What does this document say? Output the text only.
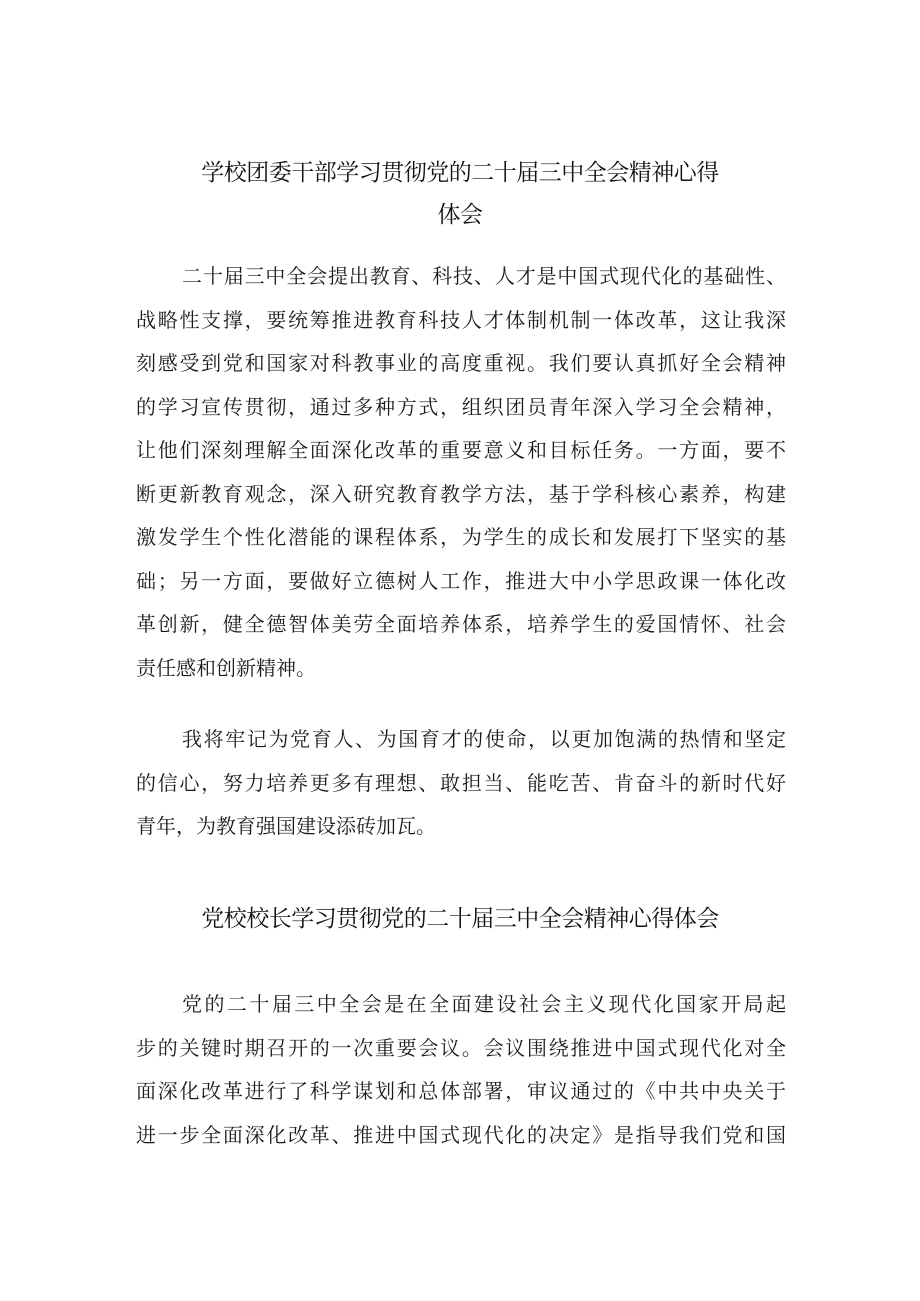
学校团委干部学习贯彻党的二十届三中全会精神心得
体会
二十届三中全会提出教育、科技、人才是中国式现代化的基础性、
战略性支撑，要统筹推进教育科技人才体制机制一体改革，这让我深
刻感受到党和国家对科教事业的高度重视。我们要认真抓好全会精神
的学习宣传贯彻，通过多种方式，组织团员青年深入学习全会精神，
让他们深刻理解全面深化改革的重要意义和目标任务。一方面，要不
断更新教育观念，深入研究教育教学方法，基于学科核心素养，构建
激发学生个性化潜能的课程体系，为学生的成长和发展打下坚实的基
础；另一方面，要做好立德树人工作，推进大中小学思政课一体化改
革创新，健全德智体美劳全面培养体系，培养学生的爱国情怀、社会
责任感和创新精神。
我将牢记为党育人、为国育才的使命，以更加饱满的热情和坚定
的信心，努力培养更多有理想、敢担当、能吃苦、肯奋斗的新时代好
青年，为教育强国建设添砖加瓦。
党校校长学习贯彻党的二十届三中全会精神心得体会
党的二十届三中全会是在全面建设社会主义现代化国家开局起
步的关键时期召开的一次重要会议。会议围绕推进中国式现代化对全
面深化改革进行了科学谋划和总体部署，审议通过的《中共中央关于
进一步全面深化改革、推进中国式现代化的决定》是指导我们党和国
